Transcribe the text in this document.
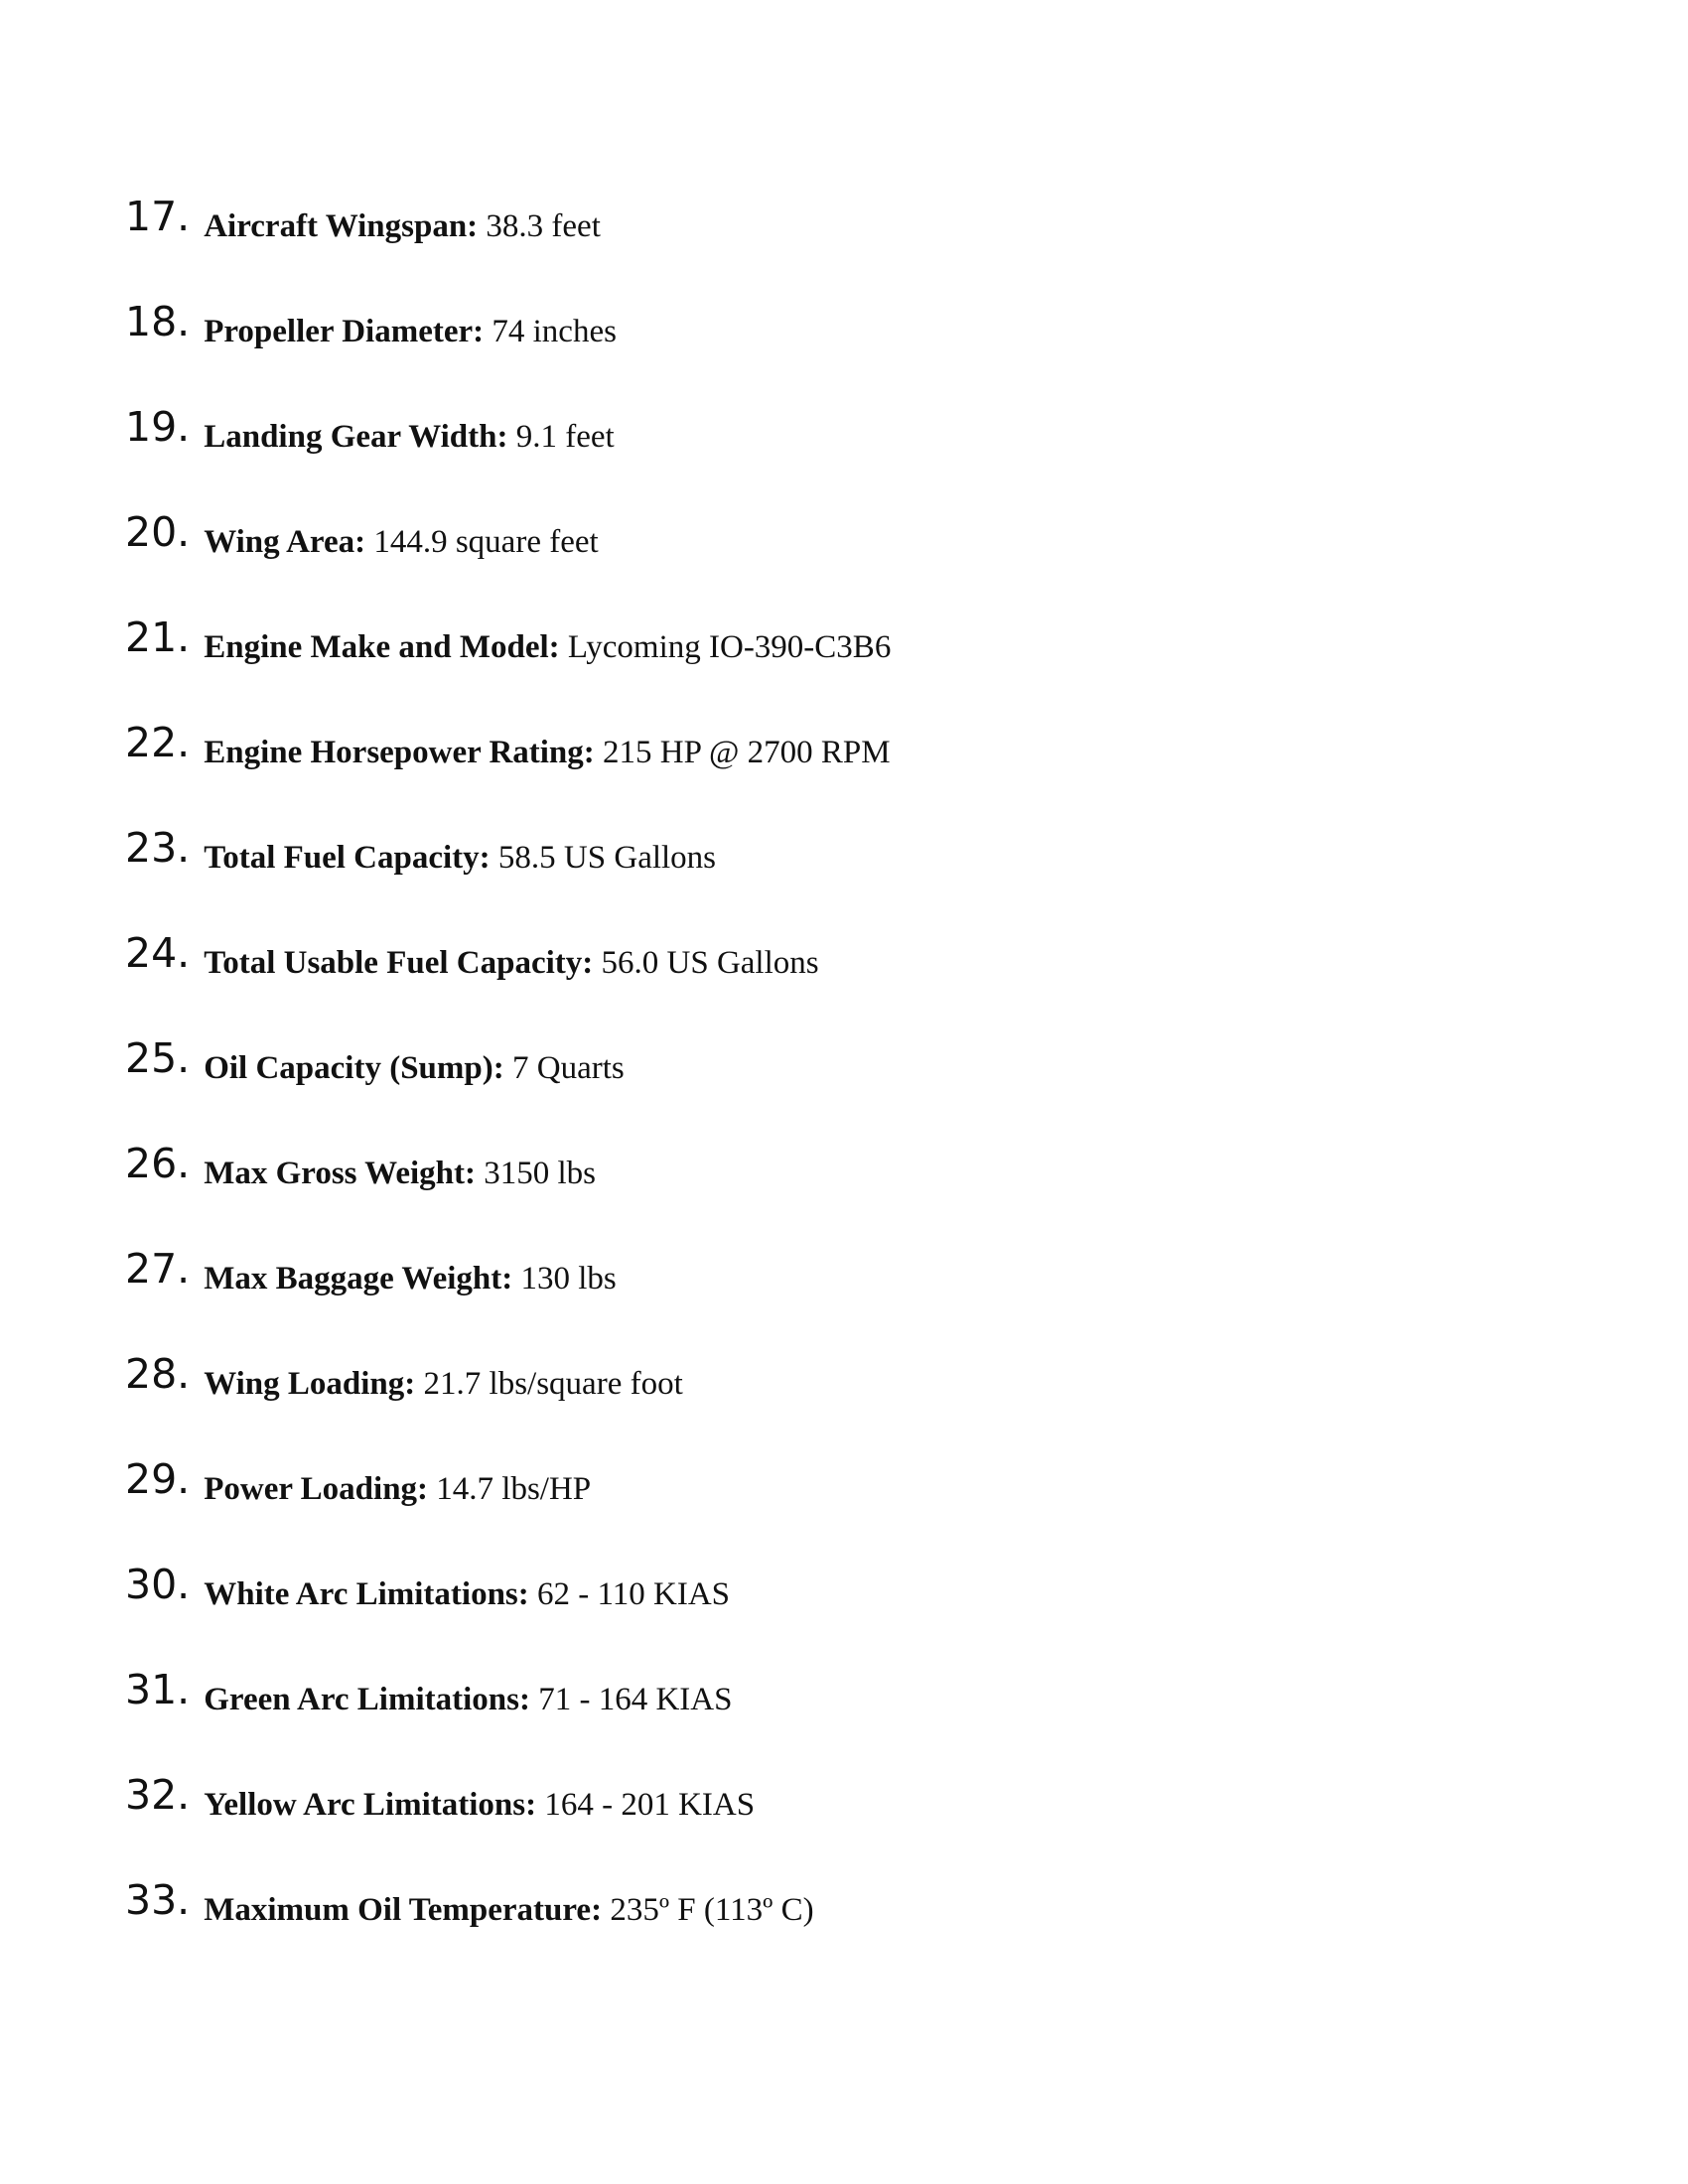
17. Aircraft Wingspan: 38.3 feet
18. Propeller Diameter: 74 inches
19. Landing Gear Width: 9.1 feet
20. Wing Area: 144.9 square feet
21. Engine Make and Model: Lycoming IO-390-C3B6
22. Engine Horsepower Rating: 215 HP @ 2700 RPM
23. Total Fuel Capacity: 58.5 US Gallons
24. Total Usable Fuel Capacity: 56.0 US Gallons
25. Oil Capacity (Sump): 7 Quarts
26. Max Gross Weight: 3150 lbs
27. Max Baggage Weight: 130 lbs
28. Wing Loading: 21.7 lbs/square foot
29. Power Loading: 14.7 lbs/HP
30. White Arc Limitations: 62 - 110 KIAS
31. Green Arc Limitations: 71 - 164 KIAS
32. Yellow Arc Limitations: 164 - 201 KIAS
33. Maximum Oil Temperature: 235º F (113º C)
